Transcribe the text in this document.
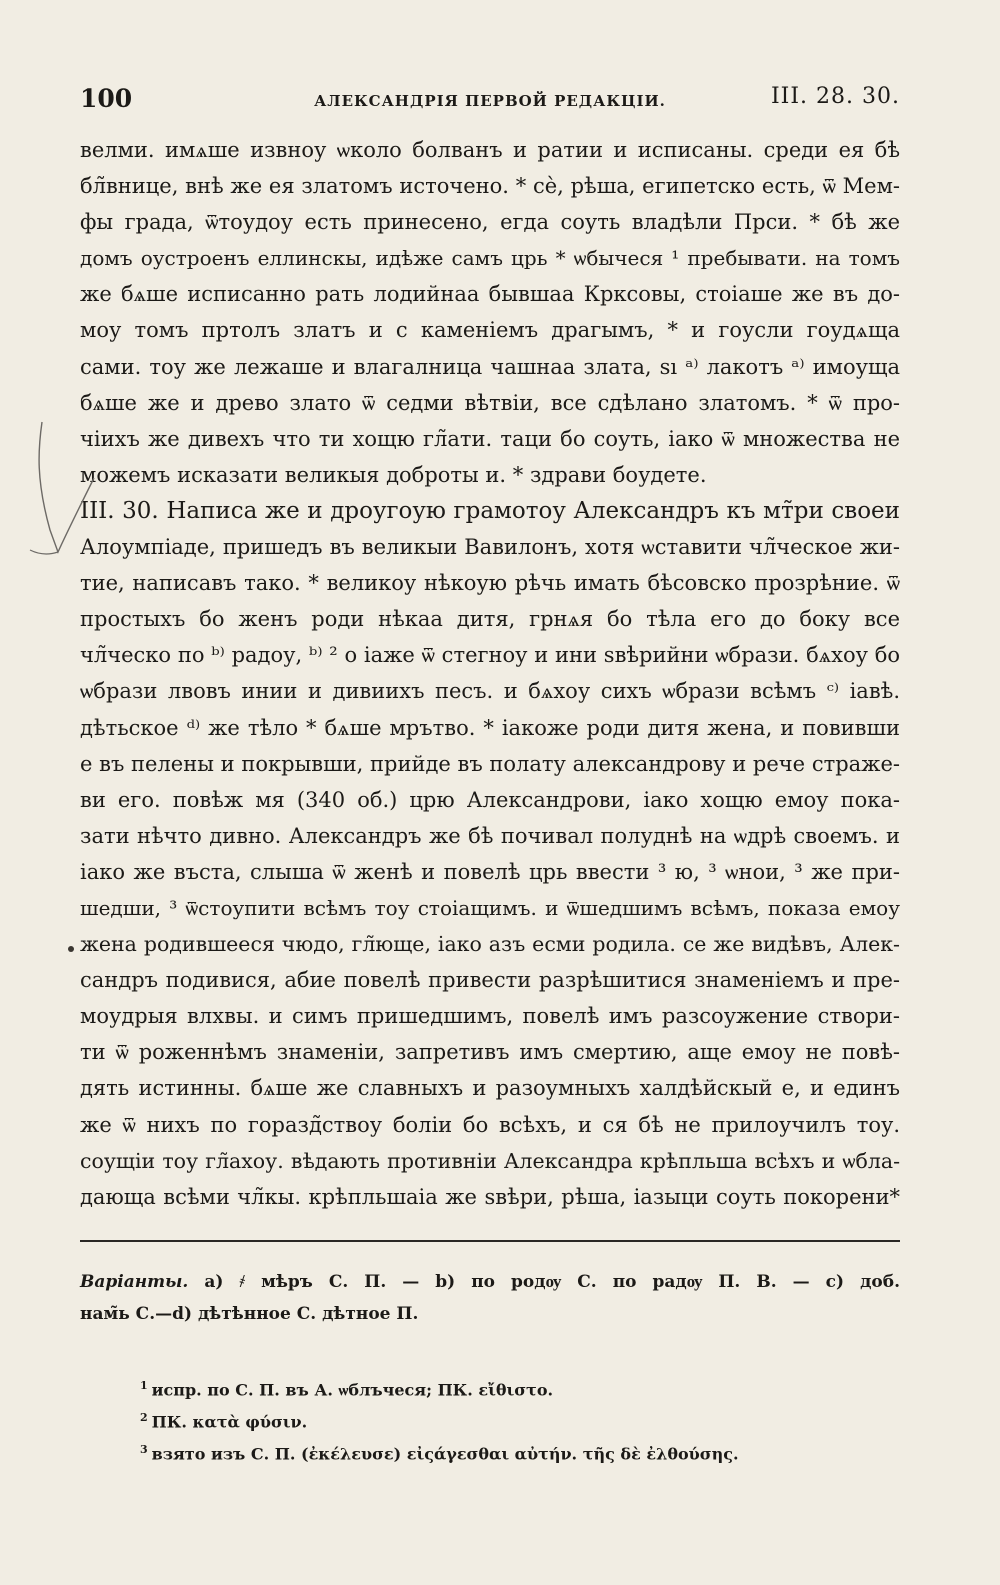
100	АЛЕКСАНДРІЯ ПЕРВОЙ РЕДАКЦІИ.	III. 28. 30.
велми. имѧше извноу ѡколо болванъ и ратии и исписаны. среди ея бѣ
бл̃внице, внѣ же ея златомъ источено. * сѐ, рѣша, египетско есть, ѿ Мем-
фы града, ѿтоудоу есть принесено, егда соуть владѣли Прси. * бѣ же
домъ оустроенъ еллинскы, идѣже самъ црь * ѡбычеся ¹ пребывати. на томъ
же бѧше исписанно рать лодийнаа бывшаа Крксовы, стоiаше же въ до-
моу томъ пртолъ златъ и с каменiемъ драгымъ, * и гоусли гоудѧща
сами. тоу же лежаше и влагалница чашнаа злата, ѕı ᵃ⁾ лакотъ ᵃ⁾ имоуща
бѧше же и древо злато ѿ седми вѣтвiи, все сдѣлано златомъ. * ѿ про-
чiихъ же дивехъ что ти хощю гл̃ати. таци бо соуть, iако ѿ множества не
можемъ исказати великыя доброты и. * здрави боудете.
III. 30. Написа же и дроугоую грамотоу Александръ къ мт̃ри своеи
Алоумпiаде, пришедъ въ великыи Вавилонъ, хотя ѡставити чл̃ческое жи-
тие, написавъ тако. * великоу нѣкоую рѣчь имать бѣсовско прозрѣние. ѿ
простыхъ бо женъ роди нѣкаа дитя, грнѧя бо тѣла его до боку все
чл̃ческо по ᵇ⁾ радоу, ᵇ⁾ ² о iаже ѿ стегноу и ини ѕвѣрийни ѡбрази. бѧхоу бо
ѡбрази лвовъ инии и дивиихъ песъ. и бѧхоу сихъ ѡбрази всѣмъ ᶜ⁾ iавѣ.
дѣтьское ᵈ⁾ же тѣло * бѧше мрътво. * iакоже роди дитя жена, и повивши
е въ пелены и покрывши, прийде въ полату александрову и рече страже-
ви его. повѣж мя (340 об.) црю Александрови, iако хощю емоу пока-
зати нѣчто дивно. Александръ же бѣ почивал полуднѣ на ѡдрѣ своемъ. и
iако же въста, слыша ѿ женѣ и повелѣ црь ввести ³ ю, ³ ѡнои, ³ же при-
шедши, ³ ѿстоупити всѣмъ тоу стоiащимъ. и ѿшедшимъ всѣмъ, показа емоу
жена родившееся чюдо, гл̃юще, iако азъ есми родила. се же видѣвъ, Алек-
сандръ подивися, абие повелѣ привести разрѣшитися знаменiемъ и пре-
моудрыя влхвы. и симъ пришедшимъ, повелѣ имъ разсоужение створи-
ти ѿ роженнѣмъ знаменiи, запретивъ имъ смертию, аще емоу не повѣ-
дять истинны. бѧше же славныхъ и разоумныхъ халдѣйскый е, и единъ
же ѿ нихъ по горазд̃ствоу болiи бо всѣхъ, и ся бѣ не прилоучилъ тоу.
соущiи тоу гл̃ахоу. вѣдають противнiи Александра крѣпльша всѣхъ и ѡбла-
дающа всѣми чл̃кы. крѣпльшаiа же ѕвѣри, рѣша, iазыци соуть покорени*
Варiанты. a) ҂ мѣръ С. П. — b) по родѹ С. по радѹ П. В. — c) доб.
нам̃ь С.—d) дѣтѣнное С. дѣтное П.
$^1$ испр. по С. П. въ А. ѡблъчеся; ПК. εἴθιστο.
$^2$ ПК. κατὰ φύσιν.
$^3$ взято изъ С. П. (ἐκέλευσε) εἰςάγεσθαι αὐτήν. τῆς δὲ ἐλθούσης.
